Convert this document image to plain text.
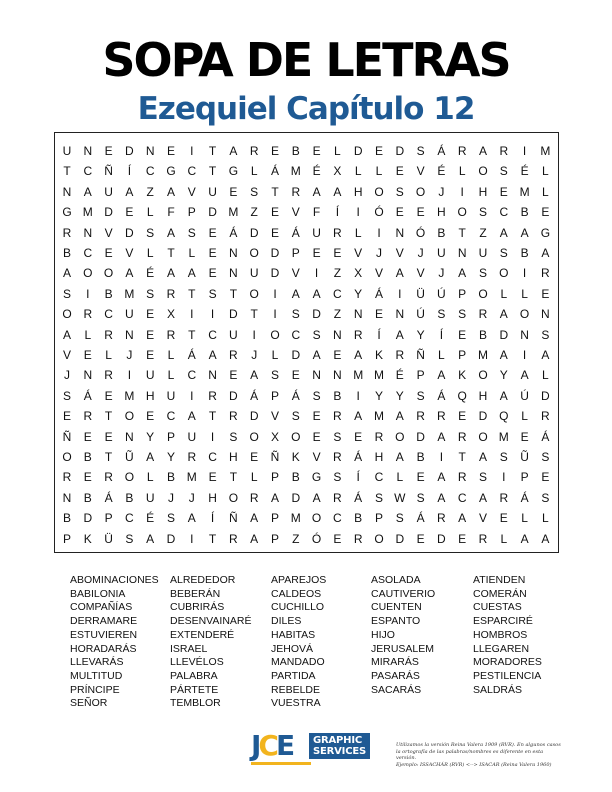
SOPA DE LETRAS
Ezequiel Capítulo 12
U	N	E	D	N	E	I	T	A	R	E	B	E	L	D	E	D	S	Á	R	A	R	I	M
T	C	Ñ	Í	C G C	T	G	L	Á M É	X	L	L	E	V	É	L	O	S	É	L
N	A	U	A	Z	A	V	U	E	S	T	R	A	A	H O	S	O	J	I	H	E M	L
G M D	E	L	F	P	D M	Z	E	V	F	Í	I	Ó	E	E	H O	S	C	B	E
R	N	V	D	S	A	S	E	Á	D	E	Á	U	R	L	I	N Ó	B	T	Z	A	A	G
B	C	E	V	L	T	L	E	N O D	P	E	E	V	J	V	J	U	N	U	S	B	A
A	O O	A	É	A	A	E	N	U	D	V	I	Z	X	V	A	V	J	A	S	O	I	R
S	I	B M S	R	T	S	T	O	I	A	A	C	Y	Á	I	Ü	Ú	P	O	L	L	E
O R	C	U	E	X	I	I	D	T	I	S	D	Z	N	E	N	Ú	S	S	R	A	O N
A	L	R	N	E	R	T	C	U	I	O C	S	N	R	Í	A	Y	Í	E	B	D	N	S
V	E	L	J	E	L	Á	A	R	J	L	D	A	E	A	K	R	Ñ	L	P M A	I	A
J	N	R	I	U	L	C	N	E	A	S	E	N	N M M É	P	A	K	O	Y	A	L
S	Á	E M H	U	I	R	D	Á	P	Á	S	B	I	Y	Y	S	Á	Q H	A	Ú	D
E	R	T	O	E	C	A	T	R	D	V	S	E	R	A M A	R	R	E	D Q	L	R
Ñ	E	E	N	Y	P	U	I	S	O	X	O	E	S	E	R O D	A	R O M E	Á
O	B	T	Ũ	A	Y	R	C	H	E	Ñ	K	V	R	Á	H	A	B	I	T	A	S	Ũ	S
R	E	R O	L	B M E	T	L	P	B	G	S	Í	C	L	E	A	R	S	I	P	E
N	B	Á	B	U	J	J	H O R	A	D	A	R	Á	S W S	A	C	A	R	Á	S
B	D	P	C	É	S	A	Í	Ñ	A	P M O C	B	P	S	Á	R	A	V	E	L	L
P	K	Ü	S	A	D	I	T	R	A	P	Z	Ó	E	R O D	E	D	E	R	L	A	A
ABOMINACIONES
BABILONIA
COMPAÑÍAS
DERRAMARE
ESTUVIEREN
HORADARÁS
LLEVARÁS
MULTITUD
PRÍNCIPE
SEÑOR
ALREDEDOR
BEBERÁN
CUBRIRÁS
DESENVAINARÉ
EXTENDERÉ
ISRAEL
LLEVÉLOS
PALABRA
PÁRTETE
TEMBLOR
APAREJOS
CALDEOS
CUCHILLO
DILES
HABITAS
JEHOVÁ
MANDADO
PARTIDA
REBELDE
VUESTRA
ASOLADA
CAUTIVERIO
CUENTEN
ESPANTO
HIJO
JERUSALEM
MIRARÁS
PASARÁS
SACARÁS
ATIENDEN
COMERÁN
CUESTAS
ESPARCIRÉ
HOMBROS
LLEGAREN
MORADORES
PESTILENCIA
SALDRÁS
JCE GRAPHIC
SERVICES
Utilizamos la versión Reina Valera 1909 (RVR). En algunos casos
la ortografía de las palabras/nombres es diferente en esta versión.
Ejemplo: ISSACHÁR (RVR) <--> ISACAR (Reina Valera 1960)
